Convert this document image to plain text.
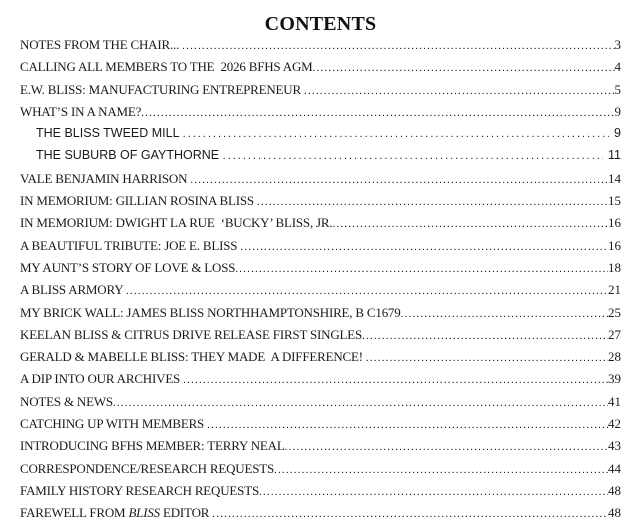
CONTENTS
NOTES FROM THE CHAIR... .....	3
CALLING ALL MEMBERS TO THE  2026 BFHS AGM .....	4
E.W. BLISS: MANUFACTURING ENTREPRENEUR .....	5
WHAT’S IN A NAME? .....	9
THE BLISS TWEED MILL .....	9
THE SUBURB OF GAYTHORNE .....	11
VALE BENJAMIN HARRISON .....	14
IN MEMORIUM: GILLIAN ROSINA BLISS .....	15
IN MEMORIUM: DWIGHT LA RUE  ‘BUCKY’ BLISS, JR. .....	16
A BEAUTIFUL TRIBUTE: JOE E. BLISS .....	16
MY AUNT’S STORY OF LOVE & LOSS .....	18
A BLISS ARMORY .....	21
MY BRICK WALL: JAMES BLISS NORTHHAMPTONSHIRE, B C1679 .....	25
KEELAN BLISS & CITRUS DRIVE RELEASE FIRST SINGLES .....	27
GERALD & MABELLE BLISS: THEY MADE  A DIFFERENCE! .....	28
A DIP INTO OUR ARCHIVES .....	39
NOTES & NEWS .....	41
CATCHING UP WITH MEMBERS .....	42
INTRODUCING BFHS MEMBER: TERRY NEAL .....	43
CORRESPONDENCE/RESEARCH REQUESTS .....	44
FAMILY HISTORY RESEARCH REQUESTS .....	48
FAREWELL FROM BLISS EDITOR .....	48
